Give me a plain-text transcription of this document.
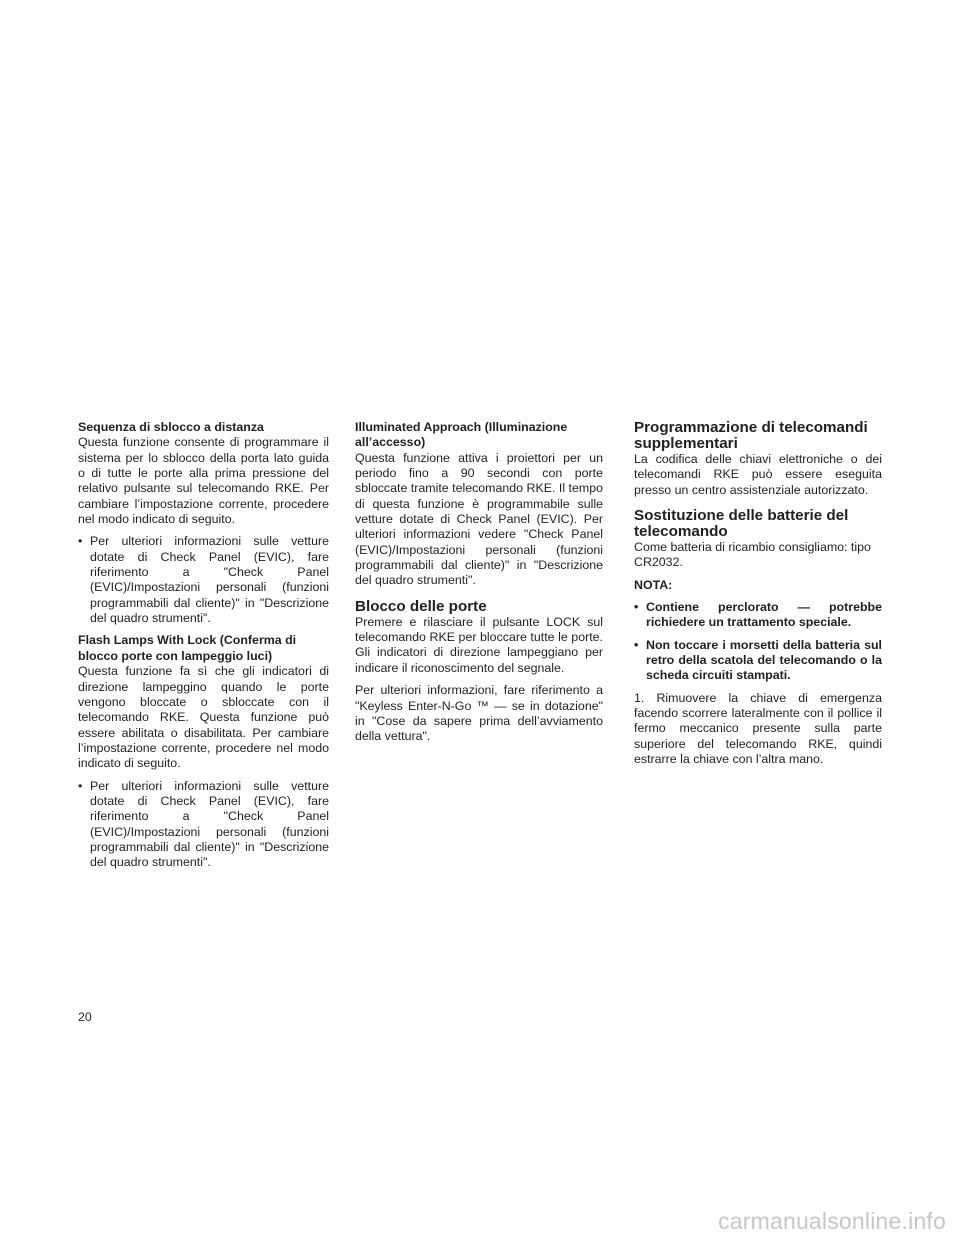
Sequenza di sblocco a distanza

Questa funzione consente di programmare il sistema per lo sblocco della porta lato guida o di tutte le porte alla prima pressione del relativo pulsante sul telecomando RKE. Per cambiare l’impostazione corrente, procedere nel modo indicato di seguito.

• Per ulteriori informazioni sulle vetture dotate di Check Panel (EVIC), fare riferimento a "Check Panel (EVIC)/Impostazioni personali (funzioni programmabili dal cliente)" in "Descrizione del quadro strumenti".

Flash Lamps With Lock (Conferma di blocco porte con lampeggio luci)

Questa funzione fa sì che gli indicatori di direzione lampeggino quando le porte vengono bloccate o sbloccate con il telecomando RKE. Questa funzione può essere abilitata o disabilitata. Per cambiare l’impostazione corrente, procedere nel modo indicato di seguito.

• Per ulteriori informazioni sulle vetture dotate di Check Panel (EVIC), fare riferimento a "Check Panel (EVIC)/Impostazioni personali (funzioni programmabili dal cliente)" in "Descrizione del quadro strumenti".

Illuminated Approach (Illuminazione all’accesso)

Questa funzione attiva i proiettori per un periodo fino a 90 secondi con porte sbloccate tramite telecomando RKE. Il tempo di questa funzione è programmabile sulle vetture dotate di Check Panel (EVIC). Per ulteriori informazioni vedere "Check Panel (EVIC)/Impostazioni personali (funzioni programmabili dal cliente)" in "Descrizione del quadro strumenti".

Blocco delle porte

Premere e rilasciare il pulsante LOCK sul telecomando RKE per bloccare tutte le porte. Gli indicatori di direzione lampeggiano per indicare il riconoscimento del segnale.

Per ulteriori informazioni, fare riferimento a "Keyless Enter-N-Go ™ — se in dotazione" in "Cose da sapere prima dell’avviamento della vettura".

Programmazione di telecomandi supplementari

La codifica delle chiavi elettroniche o dei telecomandi RKE può essere eseguita presso un centro assistenziale autorizzato.

Sostituzione delle batterie del telecomando

Come batteria di ricambio consigliamo: tipo CR2032.

NOTA:

• Contiene perclorato — potrebbe richiedere un trattamento speciale.
• Non toccare i morsetti della batteria sul retro della scatola del telecomando o la scheda circuiti stampati.

1. Rimuovere la chiave di emergenza facendo scorrere lateralmente con il pollice il fermo meccanico presente sulla parte superiore del telecomando RKE, quindi estrarre la chiave con l’altra mano.

20
carmanualsonline.info
